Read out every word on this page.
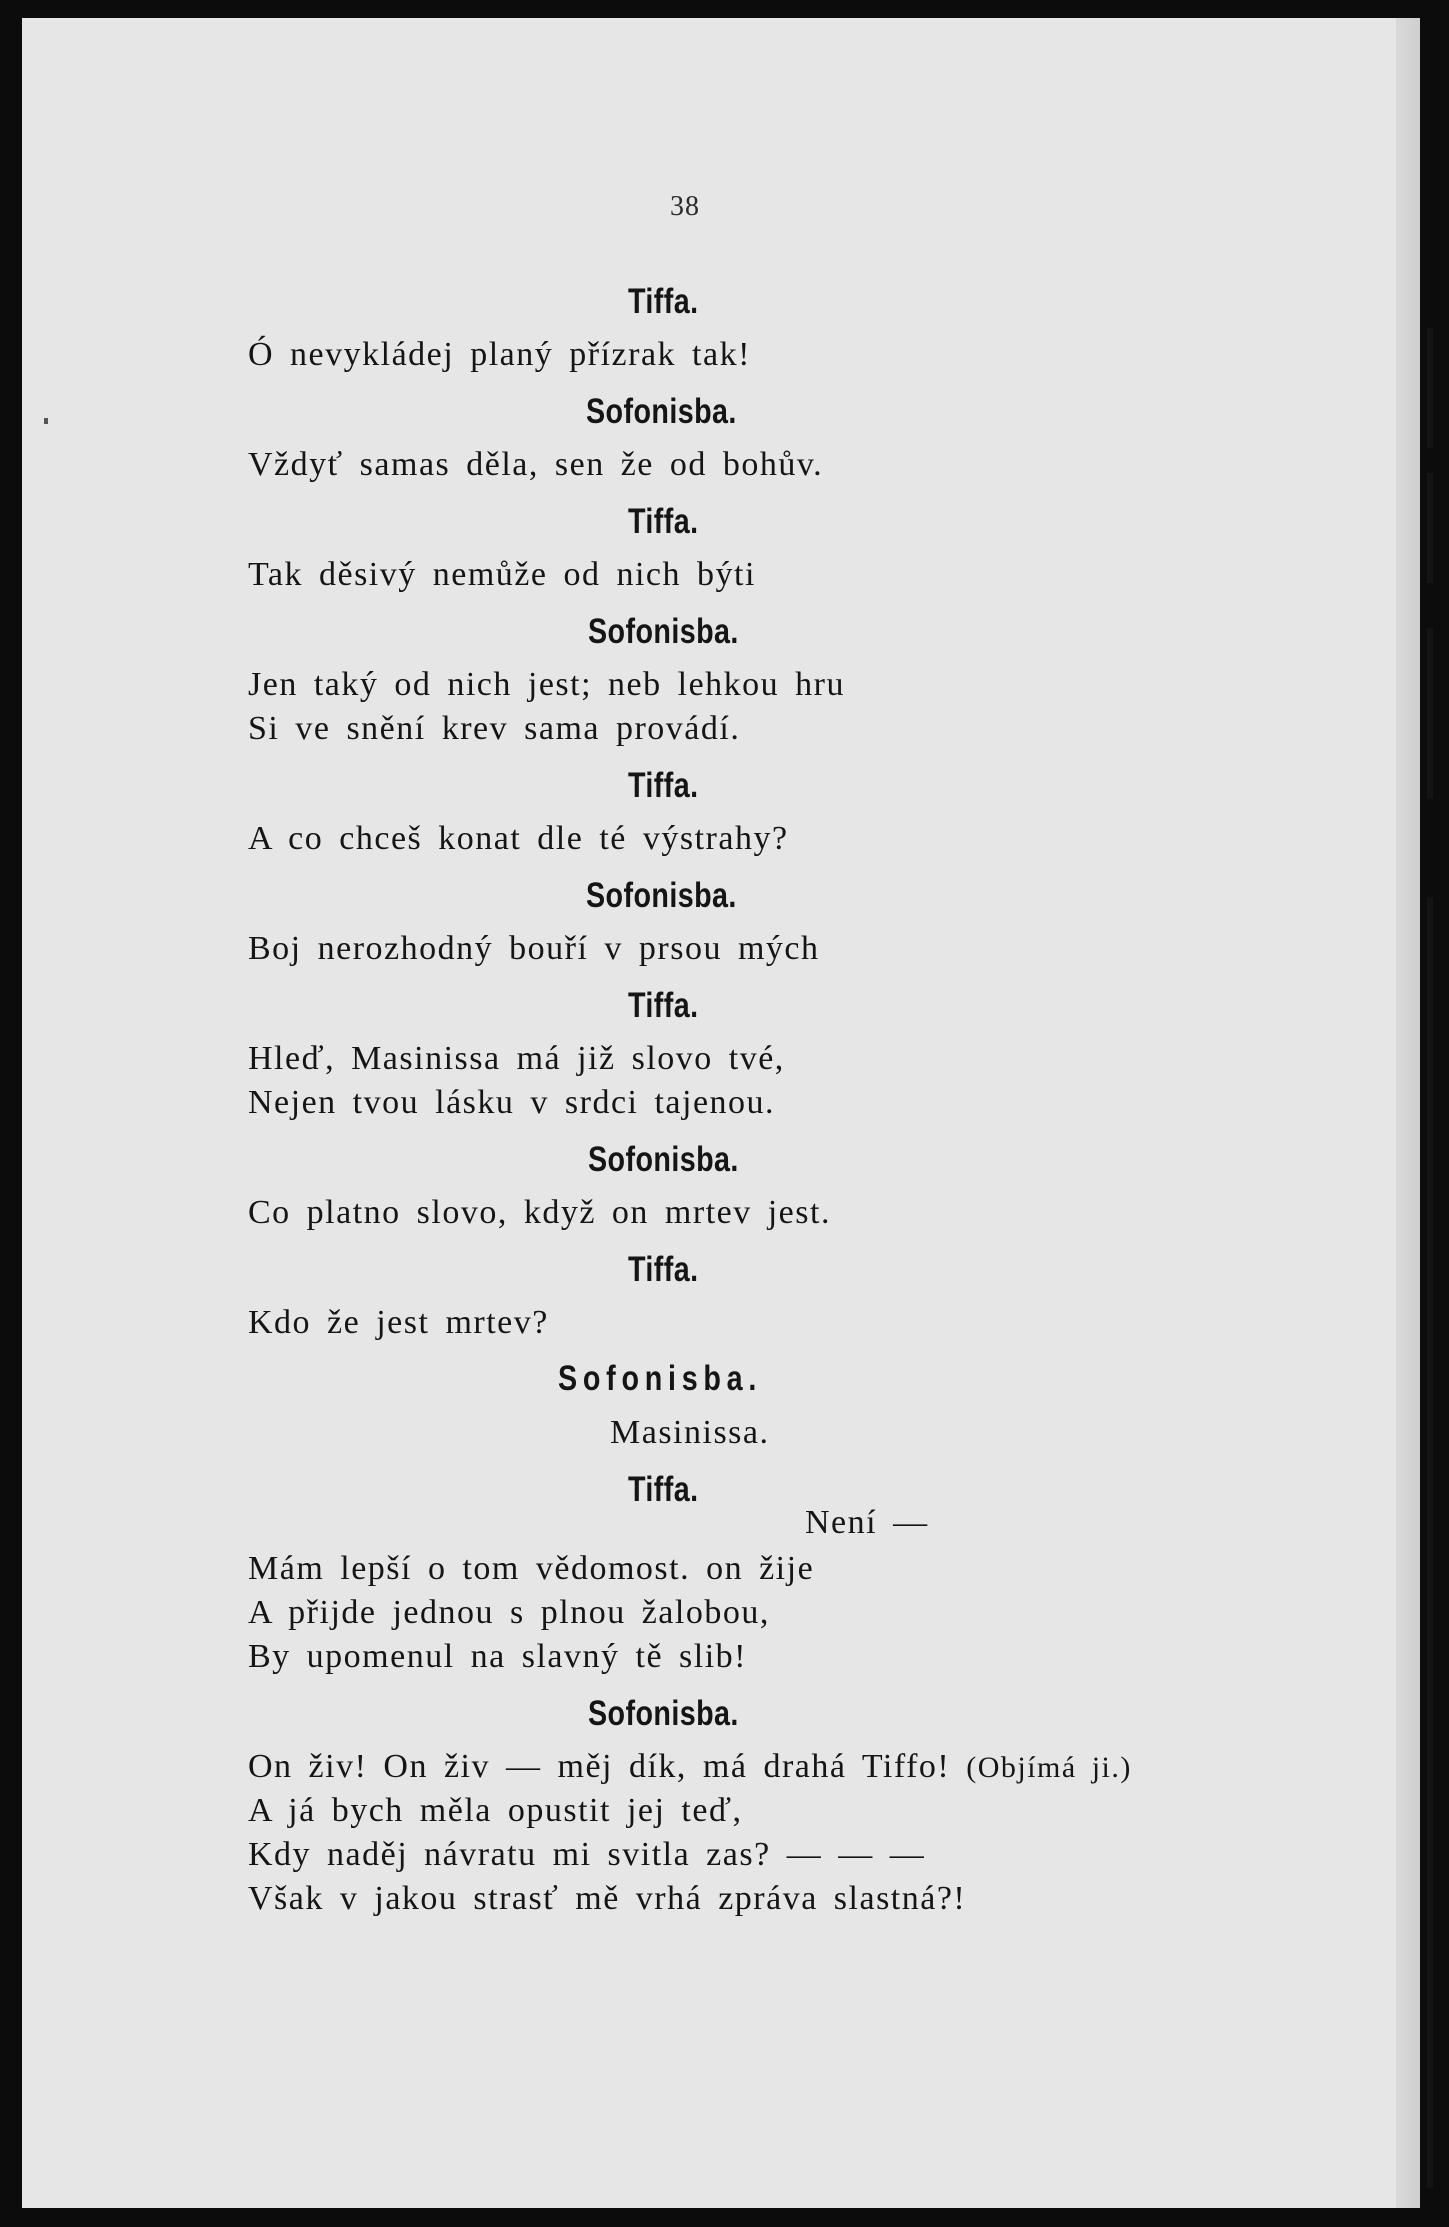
38
Tiffa.
Ó nevykládej planý přízrak tak!
Sofonisba.
Vždyť samas děla, sen že od bohův.
Tiffa.
Tak děsivý nemůže od nich býti
Sofonisba.
Jen taký od nich jest; neb lehkou hru
Si ve snění krev sama provádí.
Tiffa.
A co chceš konat dle té výstrahy?
Sofonisba.
Boj nerozhodný bouří v prsou mých
Tiffa.
Hleď, Masinissa má již slovo tvé,
Nejen tvou lásku v srdci tajenou.
Sofonisba.
Co platno slovo, když on mrtev jest.
Tiffa.
Kdo že jest mrtev?
Sofonisba.
Masinissa.
Tiffa.
Není —
Mám lepší o tom vědomost. on žije
A přijde jednou s plnou žalobou,
By upomenul na slavný tě slib!
Sofonisba.
On živ! On živ — měj dík, má drahá Tiffo! (Objímá ji.)
A já bych měla opustit jej teď,
Kdy naděj návratu mi svitla zas? — — —
Však v jakou strasť mě vrhá zpráva slastná?!
